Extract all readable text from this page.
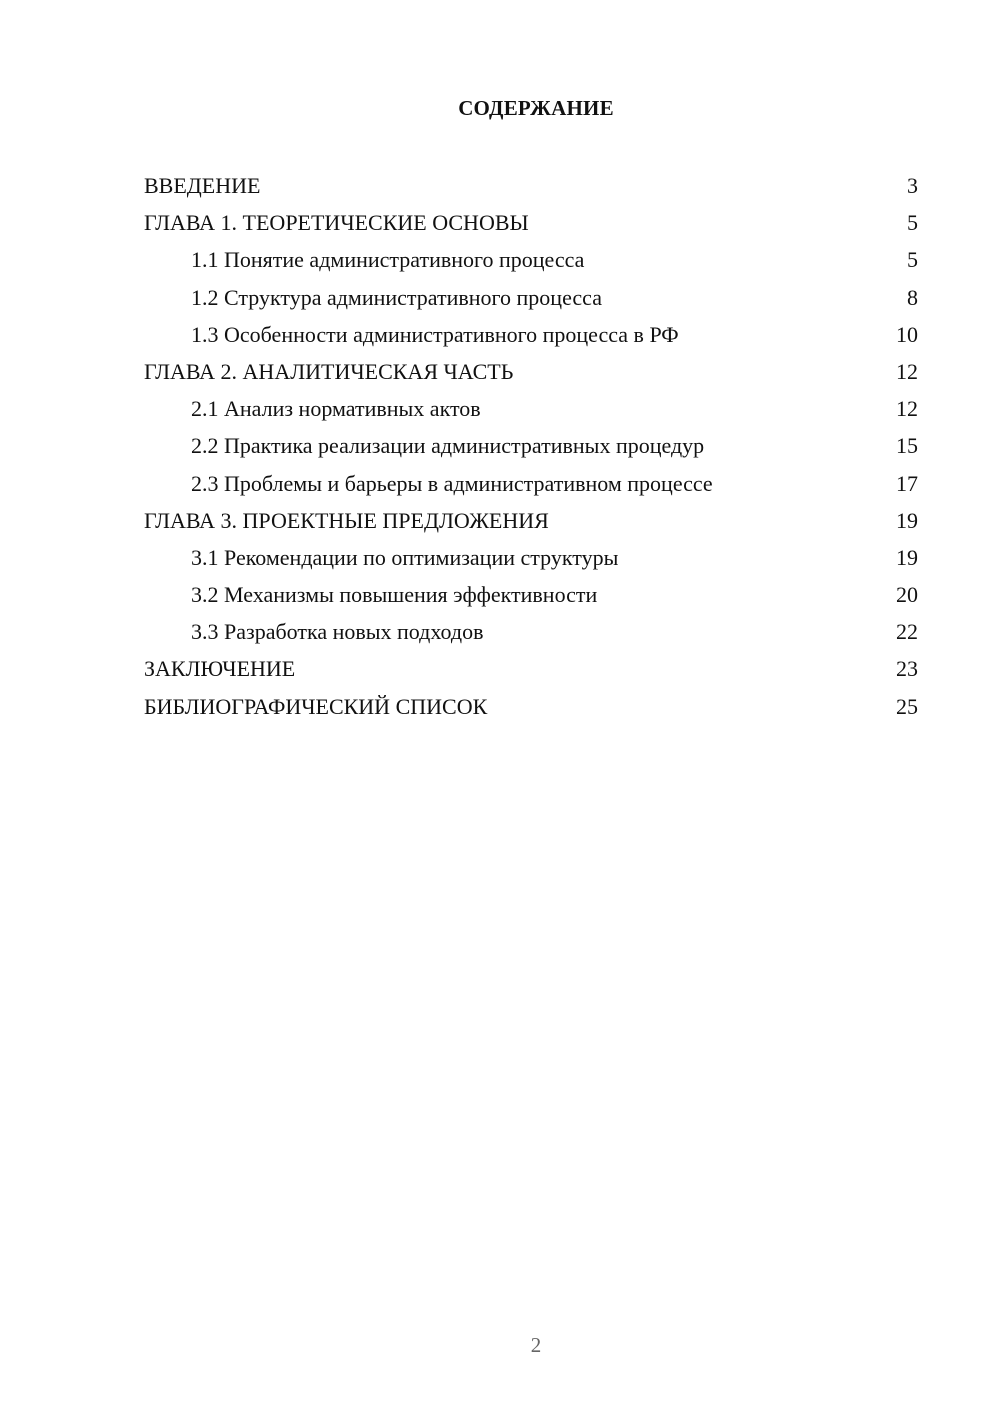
СОДЕРЖАНИЕ
ВВЕДЕНИЕ	3
ГЛАВА 1. ТЕОРЕТИЧЕСКИЕ ОСНОВЫ	5
1.1 Понятие административного процесса	5
1.2 Структура административного процесса	8
1.3 Особенности административного процесса в РФ	10
ГЛАВА 2. АНАЛИТИЧЕСКАЯ ЧАСТЬ	12
2.1 Анализ нормативных актов	12
2.2 Практика реализации административных процедур	15
2.3 Проблемы и барьеры в административном процессе	17
ГЛАВА 3. ПРОЕКТНЫЕ ПРЕДЛОЖЕНИЯ	19
3.1 Рекомендации по оптимизации структуры	19
3.2 Механизмы повышения эффективности	20
3.3 Разработка новых подходов	22
ЗАКЛЮЧЕНИЕ	23
БИБЛИОГРАФИЧЕСКИЙ СПИСОК	25
2
